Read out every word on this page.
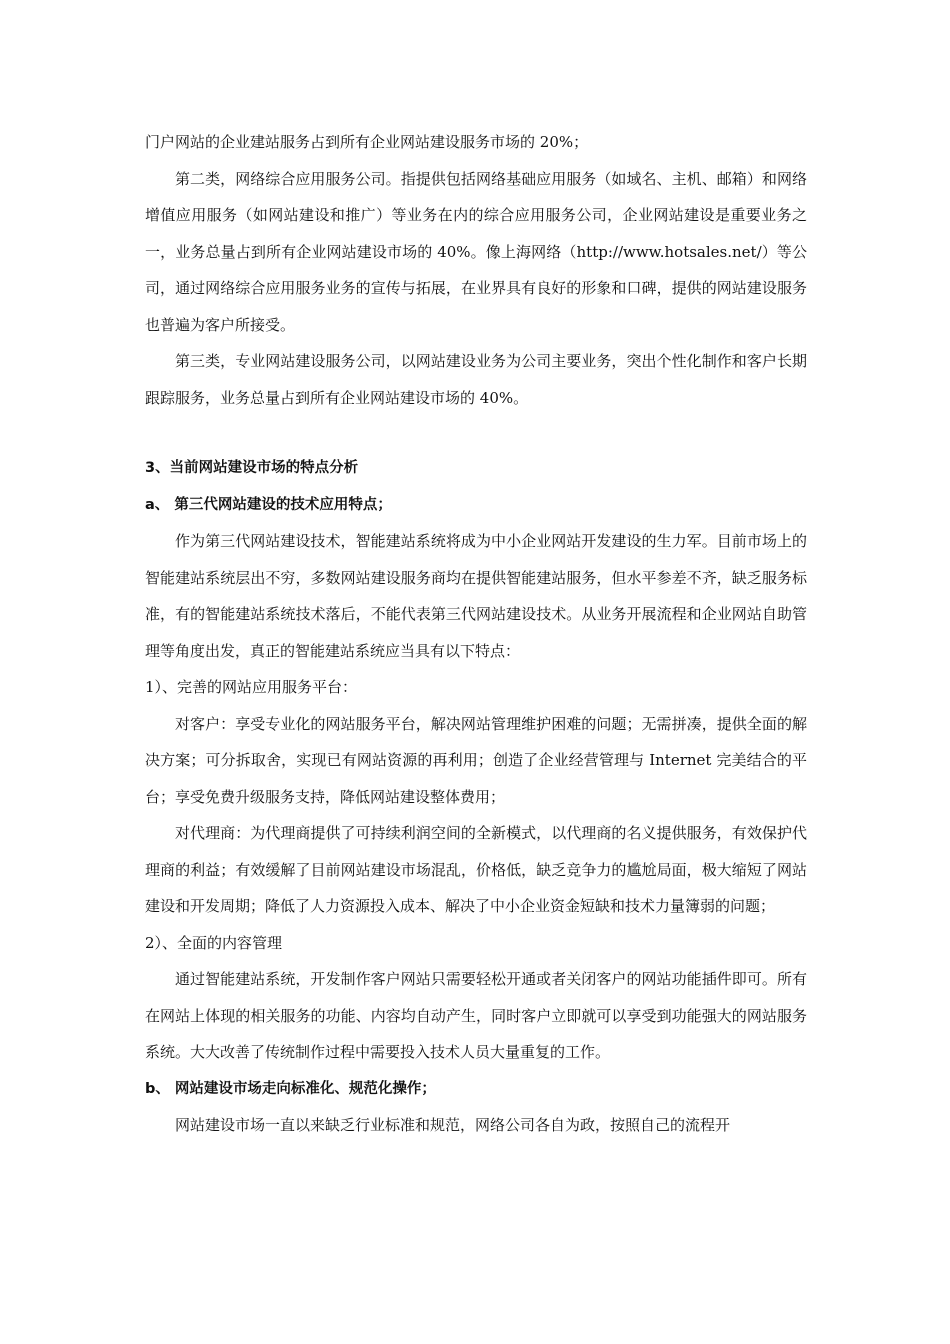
门户网站的企业建站服务占到所有企业网站建设服务市场的 20%；

第二类，网络综合应用服务公司。指提供包括网络基础应用服务（如域名、主机、邮箱）和网络增值应用服务（如网站建设和推广）等业务在内的综合应用服务公司，企业网站建设是重要业务之一，业务总量占到所有企业网站建设市场的 40%。像上海网络（http://www.hotsales.net/）等公司，通过网络综合应用服务业务的宣传与拓展，在业界具有良好的形象和口碑，提供的网站建设服务也普遍为客户所接受。

第三类，专业网站建设服务公司，以网站建设业务为公司主要业务，突出个性化制作和客户长期跟踪服务，业务总量占到所有企业网站建设市场的 40%。

3、当前网站建设市场的特点分析

a、 第三代网站建设的技术应用特点；

作为第三代网站建设技术，智能建站系统将成为中小企业网站开发建设的生力军。目前市场上的智能建站系统层出不穷，多数网站建设服务商均在提供智能建站服务，但水平参差不齐，缺乏服务标准，有的智能建站系统技术落后，不能代表第三代网站建设技术。从业务开展流程和企业网站自助管理等角度出发，真正的智能建站系统应当具有以下特点：

1）、完善的网站应用服务平台：

对客户：享受专业化的网站服务平台，解决网站管理维护困难的问题；无需拼凑，提供全面的解决方案；可分拆取舍，实现已有网站资源的再利用；创造了企业经营管理与 Internet 完美结合的平台；享受免费升级服务支持，降低网站建设整体费用；

对代理商：为代理商提供了可持续利润空间的全新模式，以代理商的名义提供服务，有效保护代理商的利益；有效缓解了目前网站建设市场混乱，价格低，缺乏竞争力的尴尬局面，极大缩短了网站建设和开发周期；降低了人力资源投入成本、解决了中小企业资金短缺和技术力量簿弱的问题；

2）、全面的内容管理

通过智能建站系统，开发制作客户网站只需要轻松开通或者关闭客户的网站功能插件即可。所有在网站上体现的相关服务的功能、内容均自动产生，同时客户立即就可以享受到功能强大的网站服务系统。大大改善了传统制作过程中需要投入技术人员大量重复的工作。

b、 网站建设市场走向标准化、规范化操作；

网站建设市场一直以来缺乏行业标准和规范，网络公司各自为政，按照自己的流程开
